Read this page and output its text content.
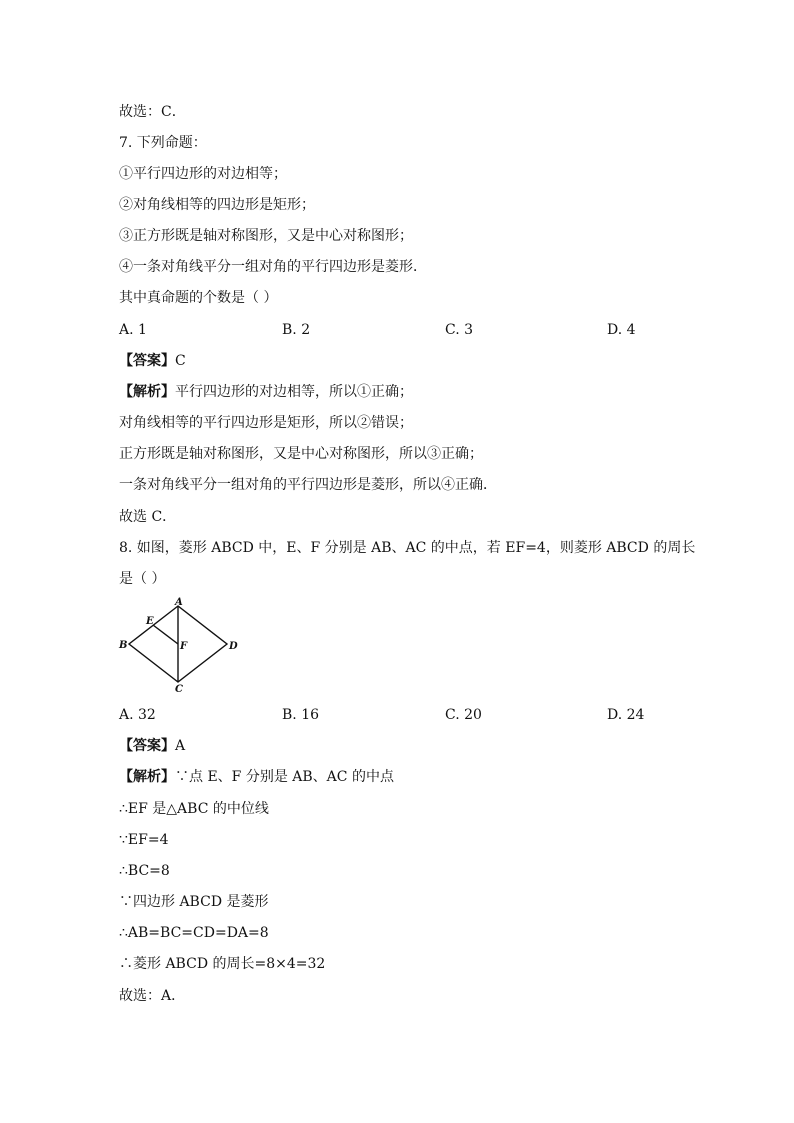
故选：C．
7. 下列命题：
①平行四边形的对边相等；
②对角线相等的四边形是矩形；
③正方形既是轴对称图形，又是中心对称图形；
④一条对角线平分一组对角的平行四边形是菱形．
其中真命题的个数是（ ）
A. 1	B. 2	C. 3	D. 4
【答案】C
【解析】平行四边形的对边相等，所以①正确；
对角线相等的平行四边形是矩形，所以②错误；
正方形既是轴对称图形，又是中心对称图形，所以③正确；
一条对角线平分一组对角的平行四边形是菱形，所以④正确．
故选 C．
8. 如图，菱形 ABCD 中，E、F 分别是 AB、AC 的中点，若 EF=4，则菱形 ABCD 的周长
是（ ）
A
B
C
D
E
F
A. 32	B. 16	C. 20	D. 24
【答案】A
【解析】∵点 E、F 分别是 AB、AC 的中点
∴EF 是△ABC 的中位线
∵EF=4
∴BC=8
∵四边形 ABCD 是菱形
∴AB=BC=CD=DA=8
∴菱形 ABCD 的周长=8×4=32
故选：A．
